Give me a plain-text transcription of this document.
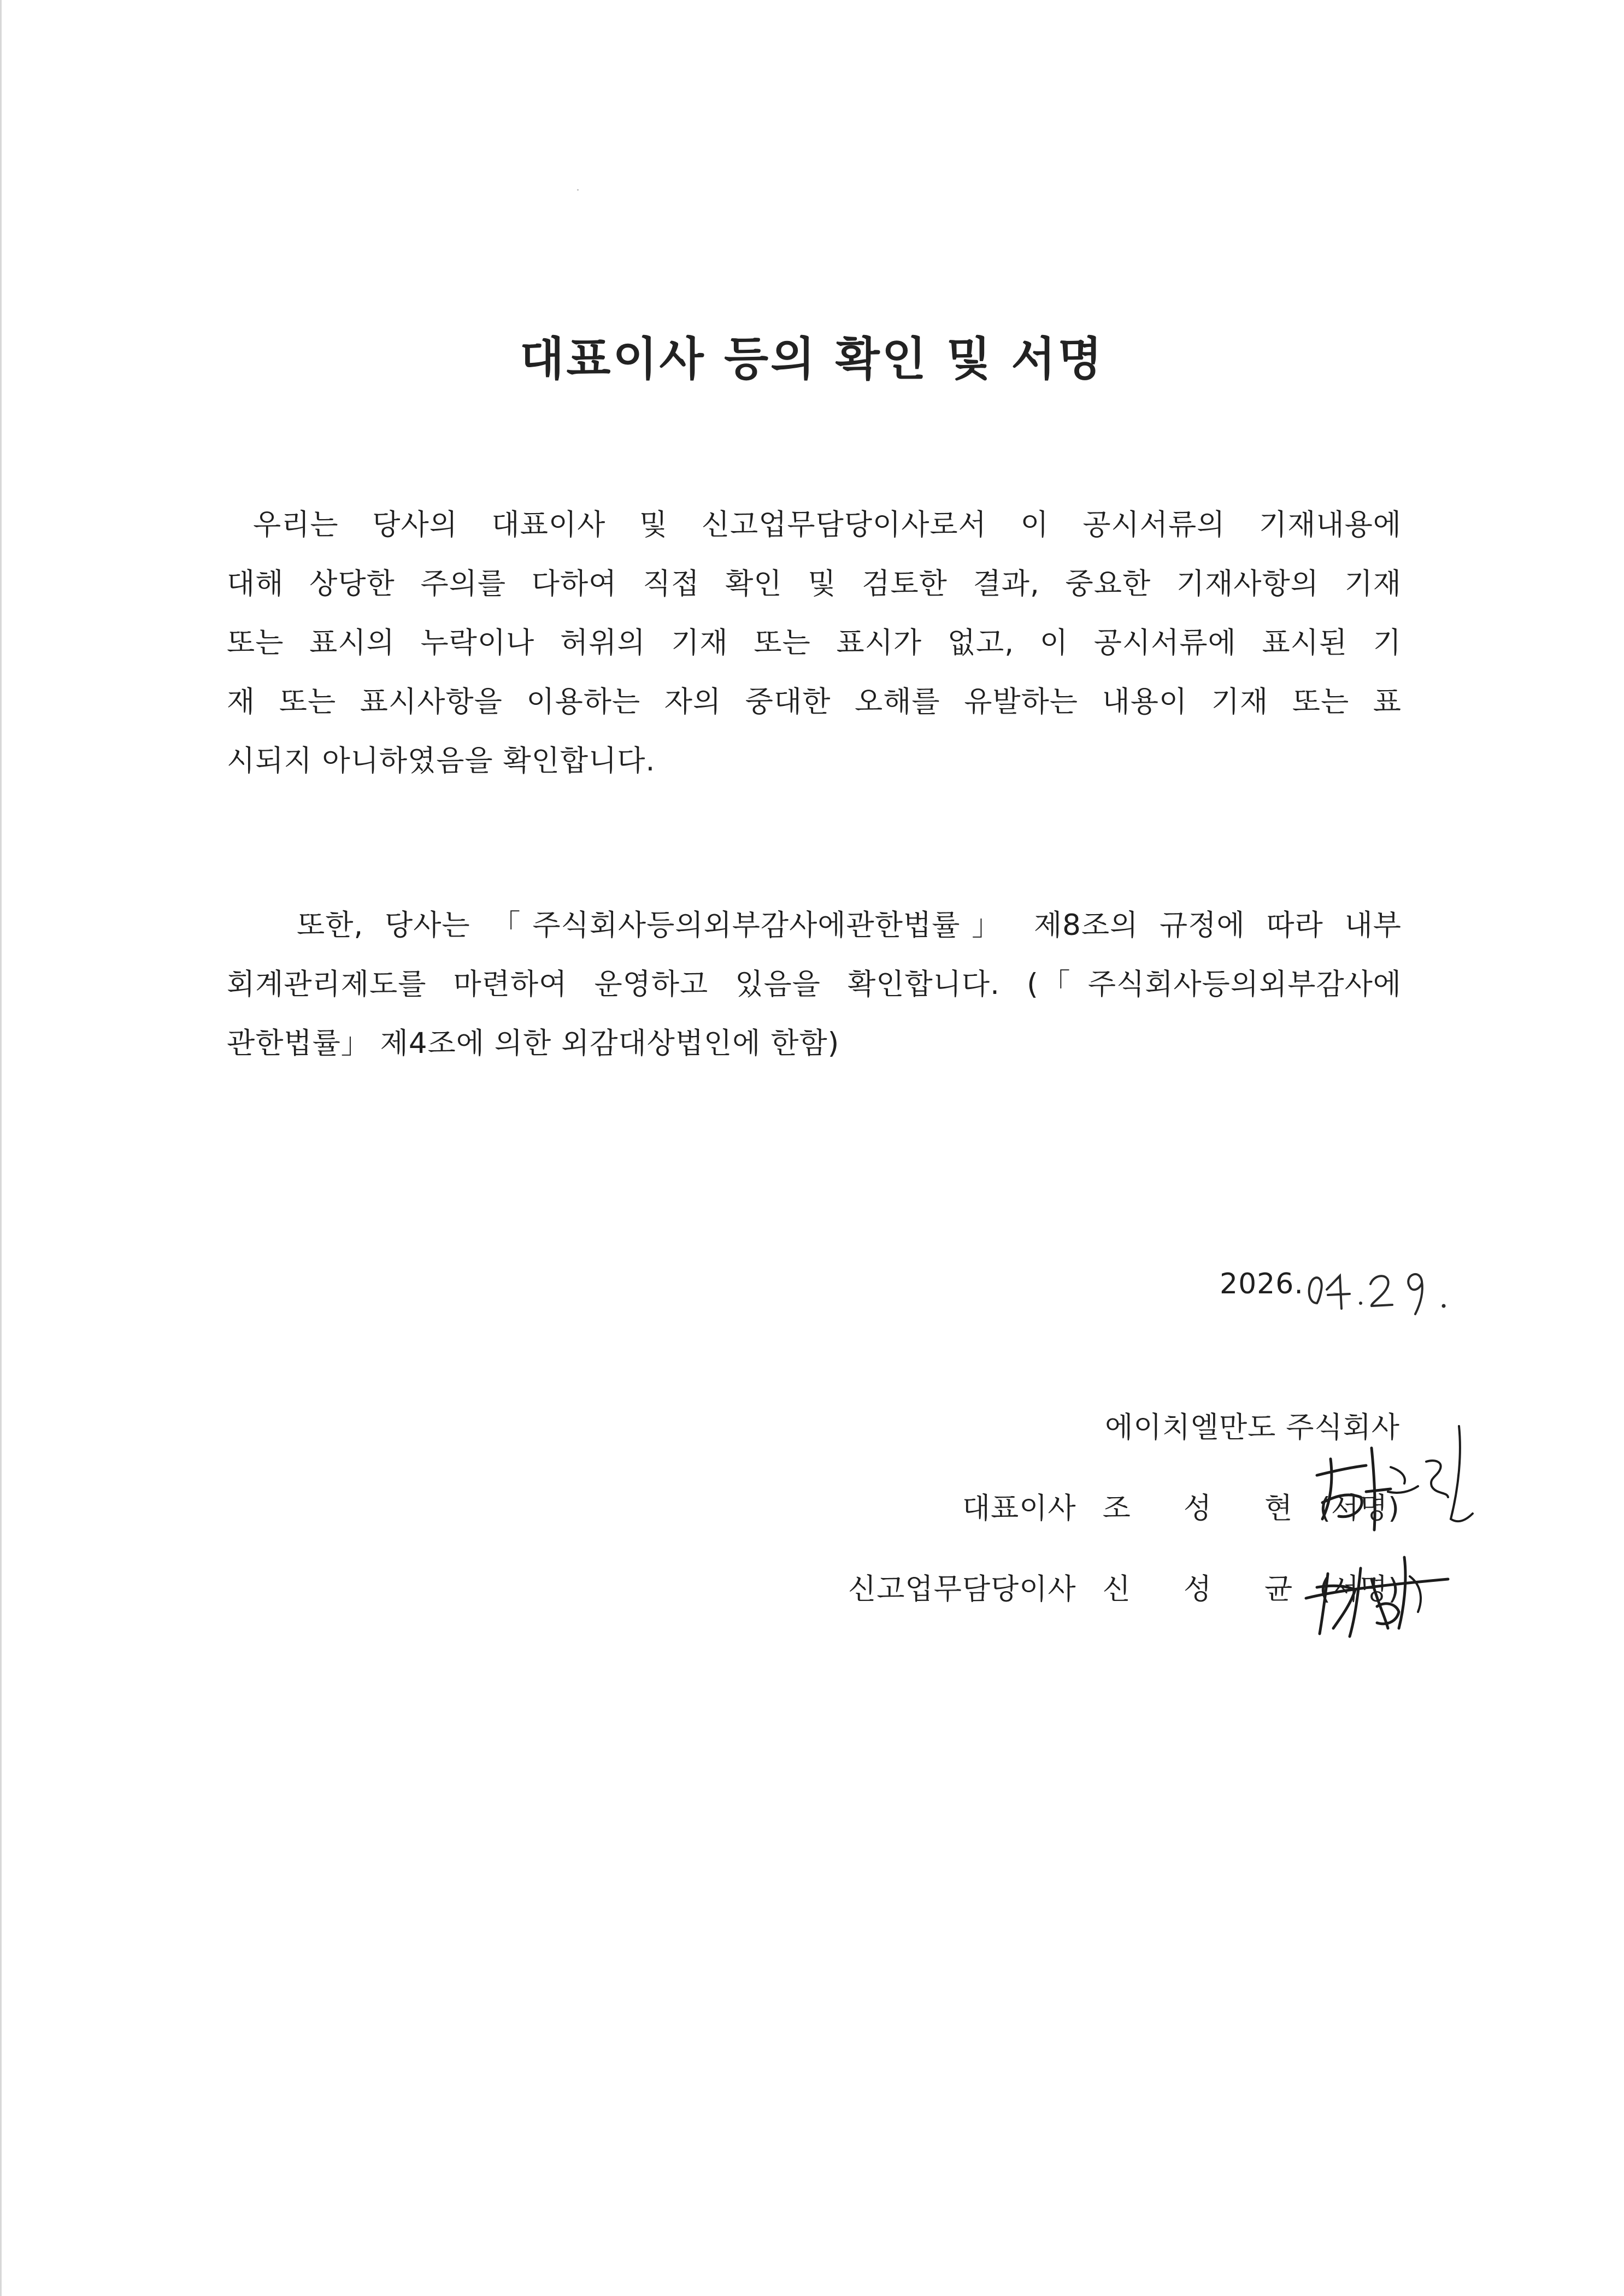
대표이사 등의 확인 및 서명
우리는 당사의 대표이사 및 신고업무담당이사로서 이 공시서류의 기재내용에
대해 상당한 주의를 다하여 직접 확인 및 검토한 결과, 중요한 기재사항의 기재
또는 표시의 누락이나 허위의 기재 또는 표시가 없고, 이 공시서류에 표시된 기
재 또는 표시사항을 이용하는 자의 중대한 오해를 유발하는 내용이 기재 또는 표
시되지 아니하였음을 확인합니다.
또한, 당사는 「주식회사등의외부감사에관한법률」 제8조의 규정에 따라 내부
회계관리제도를 마련하여 운영하고 있음을 확인합니다. (「주식회사등의외부감사에
관한법률」 제4조에 의한 외감대상법인에 한함)
2026.
에이치엘만도 주식회사
대표이사 조 성 현 (서명)
신고업무담당이사 신 성 균 (서명)
